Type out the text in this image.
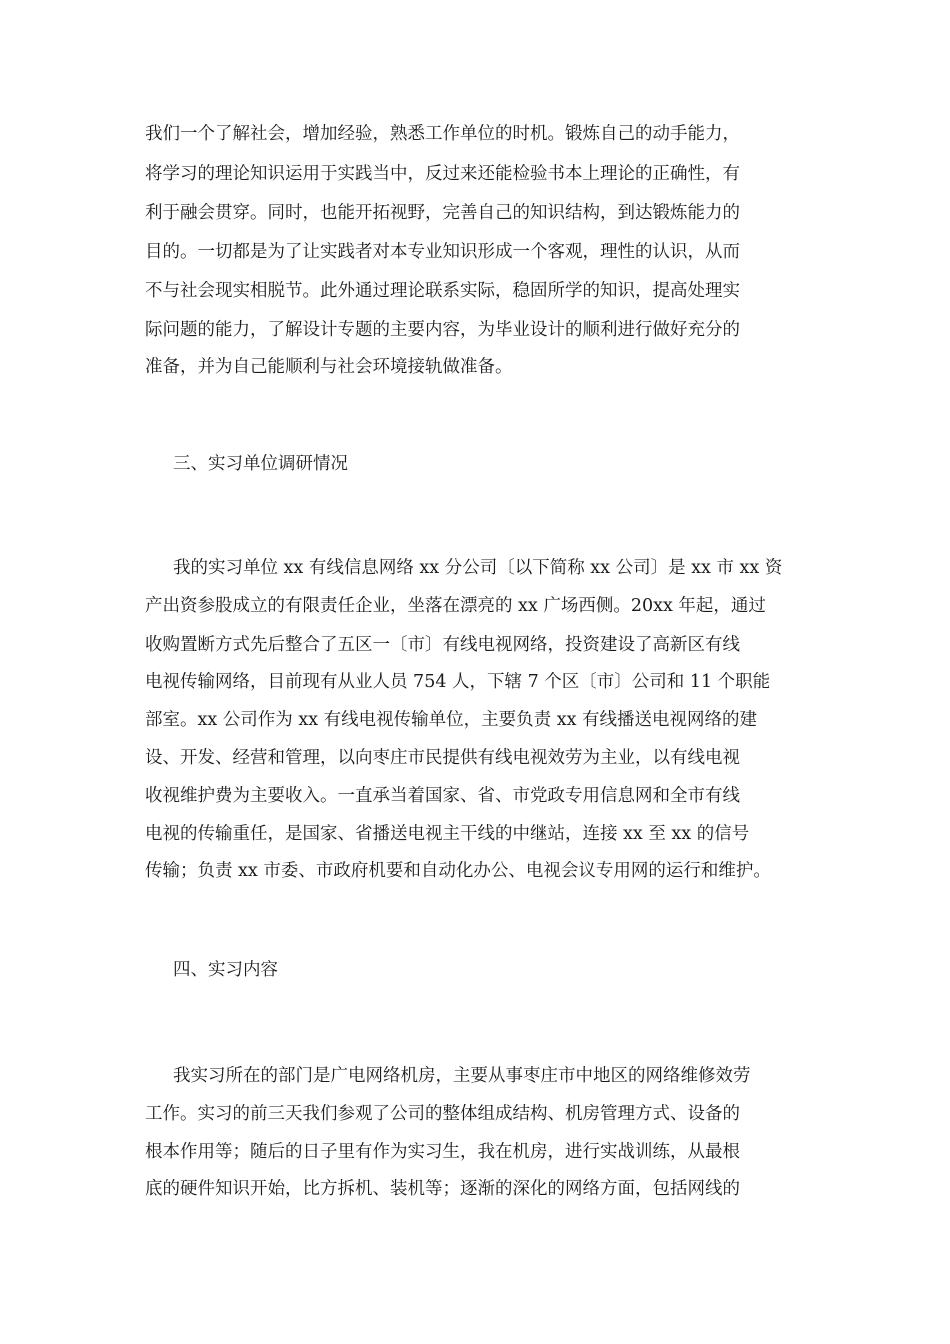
我们一个了解社会，增加经验，熟悉工作单位的时机。锻炼自己的动手能力，
将学习的理论知识运用于实践当中，反过来还能检验书本上理论的正确性，有
利于融会贯穿。同时，也能开拓视野，完善自己的知识结构，到达锻炼能力的
目的。一切都是为了让实践者对本专业知识形成一个客观，理性的认识，从而
不与社会现实相脱节。此外通过理论联系实际，稳固所学的知识，提高处理实
际问题的能力，了解设计专题的主要内容，为毕业设计的顺利进行做好充分的
准备，并为自己能顺利与社会环境接轨做准备。
三、实习单位调研情况
我的实习单位 xx 有线信息网络 xx 分公司〔以下简称 xx 公司〕是 xx 市 xx 资
产出资参股成立的有限责任企业，坐落在漂亮的 xx 广场西侧。20xx 年起，通过
收购置断方式先后整合了五区一〔市〕有线电视网络，投资建设了高新区有线
电视传输网络，目前现有从业人员 754 人，下辖 7 个区〔市〕公司和 11 个职能
部室。xx 公司作为 xx 有线电视传输单位，主要负责 xx 有线播送电视网络的建
设、开发、经营和管理，以向枣庄市民提供有线电视效劳为主业，以有线电视
收视维护费为主要收入。一直承当着国家、省、市党政专用信息网和全市有线
电视的传输重任，是国家、省播送电视主干线的中继站，连接 xx 至 xx 的信号
传输；负责 xx 市委、市政府机要和自动化办公、电视会议专用网的运行和维护。
四、实习内容
我实习所在的部门是广电网络机房，主要从事枣庄市中地区的网络维修效劳
工作。实习的前三天我们参观了公司的整体组成结构、机房管理方式、设备的
根本作用等；随后的日子里有作为实习生，我在机房，进行实战训练，从最根
底的硬件知识开始，比方拆机、装机等；逐渐的深化的网络方面，包括网线的
